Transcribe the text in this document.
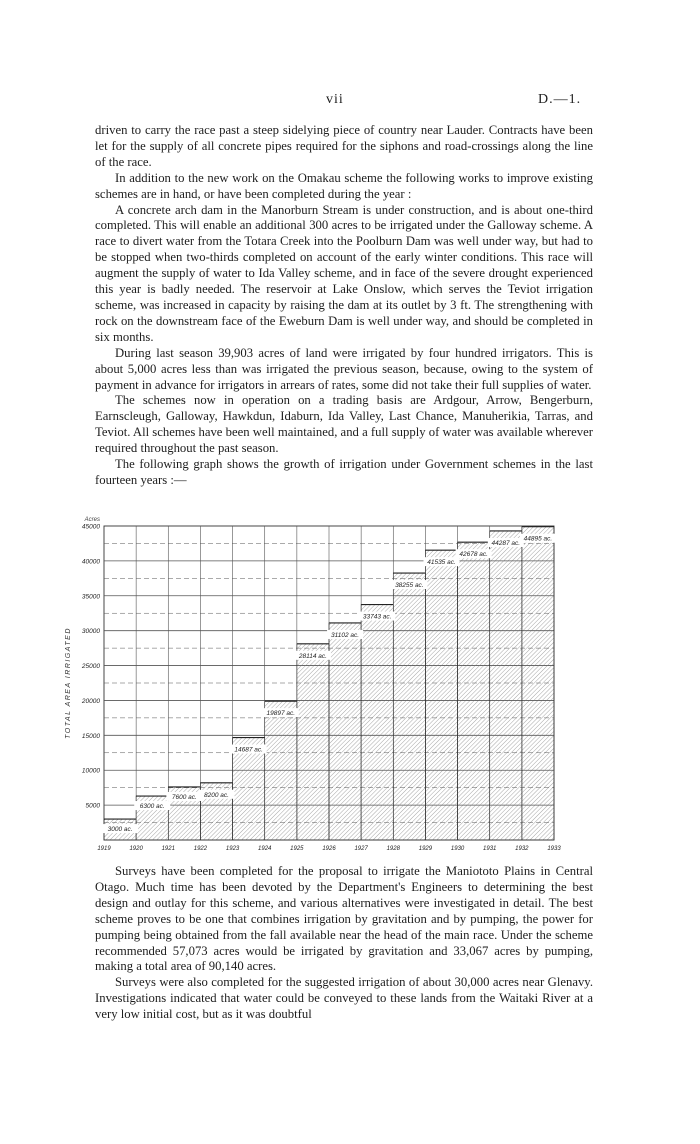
vii	D.—1.

driven to carry the race past a steep sidelying piece of country near Lauder. Contracts have been let for the supply of all concrete pipes required for the siphons and road-crossings along the line of the race.

In addition to the new work on the Omakau scheme the following works to improve existing schemes are in hand, or have been completed during the year :

A concrete arch dam in the Manorburn Stream is under construction, and is about one-third completed. This will enable an additional 300 acres to be irrigated under the Galloway scheme. A race to divert water from the Totara Creek into the Poolburn Dam was well under way, but had to be stopped when two-thirds completed on account of the early winter conditions. This race will augment the supply of water to Ida Valley scheme, and in face of the severe drought experienced this year is badly needed. The reservoir at Lake Onslow, which serves the Teviot irrigation scheme, was increased in capacity by raising the dam at its outlet by 3 ft. The strengthening with rock on the downstream face of the Eweburn Dam is well under way, and should be completed in six months.

During last season 39,903 acres of land were irrigated by four hundred irrigators. This is about 5,000 acres less than was irrigated the previous season, because, owing to the system of payment in advance for irrigators in arrears of rates, some did not take their full supplies of water.

The schemes now in operation on a trading basis are Ardgour, Arrow, Bengerburn, Earnscleugh, Galloway, Hawkdun, Idaburn, Ida Valley, Last Chance, Manuherikia, Tarras, and Teviot. All schemes have been well maintained, and a full supply of water was available wherever required throughout the past season.

The following graph shows the growth of irrigation under Government schemes in the last fourteen years :—

3000 ac.
6300 ac.
7600 ac. 8200 ac.
14687 ac.
19897 ac.
28114 ac.
31102 ac.
33743 ac.
38255 ac.
41535 ac.
42678 ac.
44287 ac.
44895 ac.
5000
10000
15000
20000
25000
30000
35000
40000
45000
Acres
1919	1920	1921	1922	1923	1924	1925	1926	1927	1928	1929	1930	1931	1932	1933
TOTAL AREA IRRIGATED

Surveys have been completed for the proposal to irrigate the Maniototo Plains in Central Otago. Much time has been devoted by the Department's Engineers to determining the best design and outlay for this scheme, and various alternatives were investigated in detail. The best scheme proves to be one that combines irrigation by gravitation and by pumping, the power for pumping being obtained from the fall available near the head of the main race. Under the scheme recommended 57,073 acres would be irrigated by gravitation and 33,067 acres by pumping, making a total area of 90,140 acres.

Surveys were also completed for the suggested irrigation of about 30,000 acres near Glenavy. Investigations indicated that water could be conveyed to these lands from the Waitaki River at a very low initial cost, but as it was doubtful
